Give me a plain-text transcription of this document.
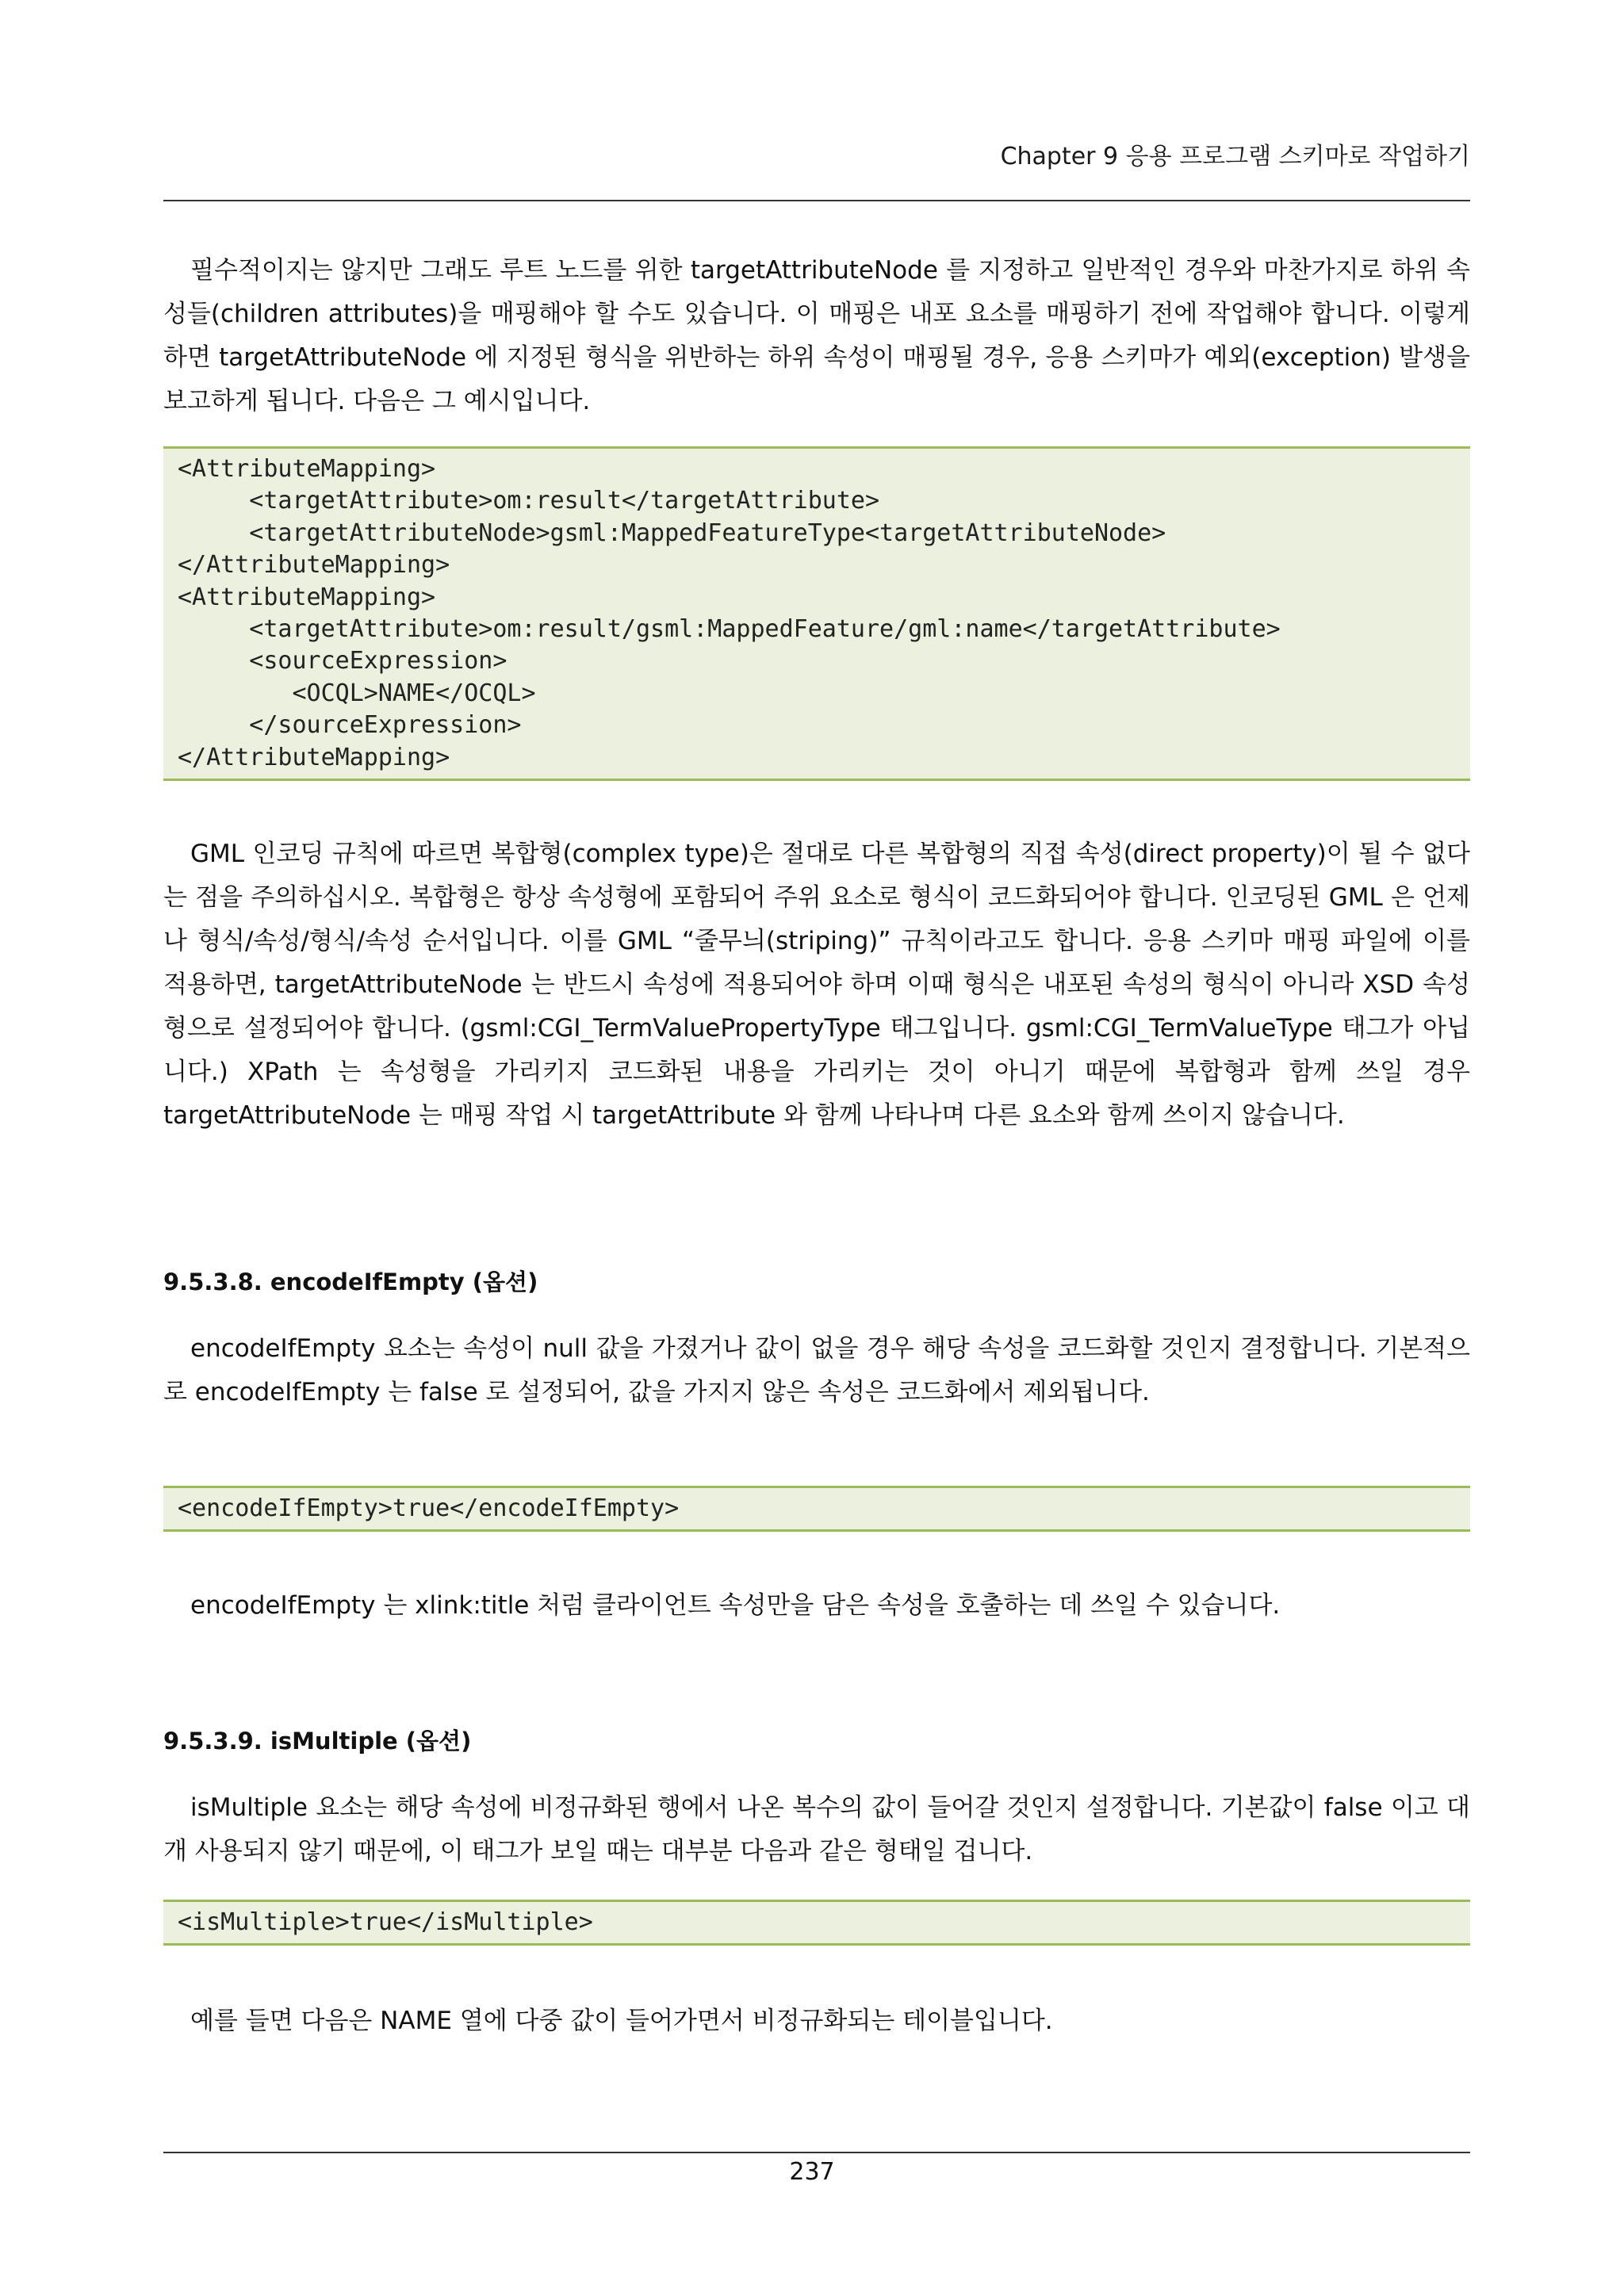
Chapter 9 응용 프로그램 스키마로 작업하기

필수적이지는 않지만 그래도 루트 노드를 위한 targetAttributeNode 를 지정하고 일반적인 경우와 마찬가지로 하위 속성들(children attributes)을 매핑해야 할 수도 있습니다. 이 매핑은 내포 요소를 매핑하기 전에 작업해야 합니다. 이렇게 하면 targetAttributeNode 에 지정된 형식을 위반하는 하위 속성이 매핑될 경우, 응용 스키마가 예외(exception) 발생을 보고하게 됩니다. 다음은 그 예시입니다.

<AttributeMapping>
<targetAttribute>om:result</targetAttribute>
<targetAttributeNode>gsml:MappedFeatureType<targetAttributeNode>
</AttributeMapping>
<AttributeMapping>
<targetAttribute>om:result/gsml:MappedFeature/gml:name</targetAttribute>
<sourceExpression>
<OCQL>NAME</OCQL>
</sourceExpression>
</AttributeMapping>

GML 인코딩 규칙에 따르면 복합형(complex type)은 절대로 다른 복합형의 직접 속성(direct property)이 될 수 없다는 점을 주의하십시오. 복합형은 항상 속성형에 포함되어 주위 요소로 형식이 코드화되어야 합니다. 인코딩된 GML 은 언제나 형식/속성/형식/속성 순서입니다. 이를 GML “줄무늬(striping)” 규칙이라고도 합니다. 응용 스키마 매핑 파일에 이를 적용하면, targetAttributeNode 는 반드시 속성에 적용되어야 하며 이때 형식은 내포된 속성의 형식이 아니라 XSD 속성형으로 설정되어야 합니다. (gsml:CGI_TermValuePropertyType 태그입니다. gsml:CGI_TermValueType 태그가 아닙니다.) XPath 는 속성형을 가리키지 코드화된 내용을 가리키는 것이 아니기 때문에 복합형과 함께 쓰일 경우 targetAttributeNode 는 매핑 작업 시 targetAttribute 와 함께 나타나며 다른 요소와 함께 쓰이지 않습니다.

9.5.3.8. encodeIfEmpty (옵션)

encodeIfEmpty 요소는 속성이 null 값을 가졌거나 값이 없을 경우 해당 속성을 코드화할 것인지 결정합니다. 기본적으로 encodeIfEmpty 는 false 로 설정되어, 값을 가지지 않은 속성은 코드화에서 제외됩니다.

<encodeIfEmpty>true</encodeIfEmpty>

encodeIfEmpty 는 xlink:title 처럼 클라이언트 속성만을 담은 속성을 호출하는 데 쓰일 수 있습니다.

9.5.3.9. isMultiple (옵션)

isMultiple 요소는 해당 속성에 비정규화된 행에서 나온 복수의 값이 들어갈 것인지 설정합니다. 기본값이 false 이고 대개 사용되지 않기 때문에, 이 태그가 보일 때는 대부분 다음과 같은 형태일 겁니다.

<isMultiple>true</isMultiple>

예를 들면 다음은 NAME 열에 다중 값이 들어가면서 비정규화되는 테이블입니다.

237
